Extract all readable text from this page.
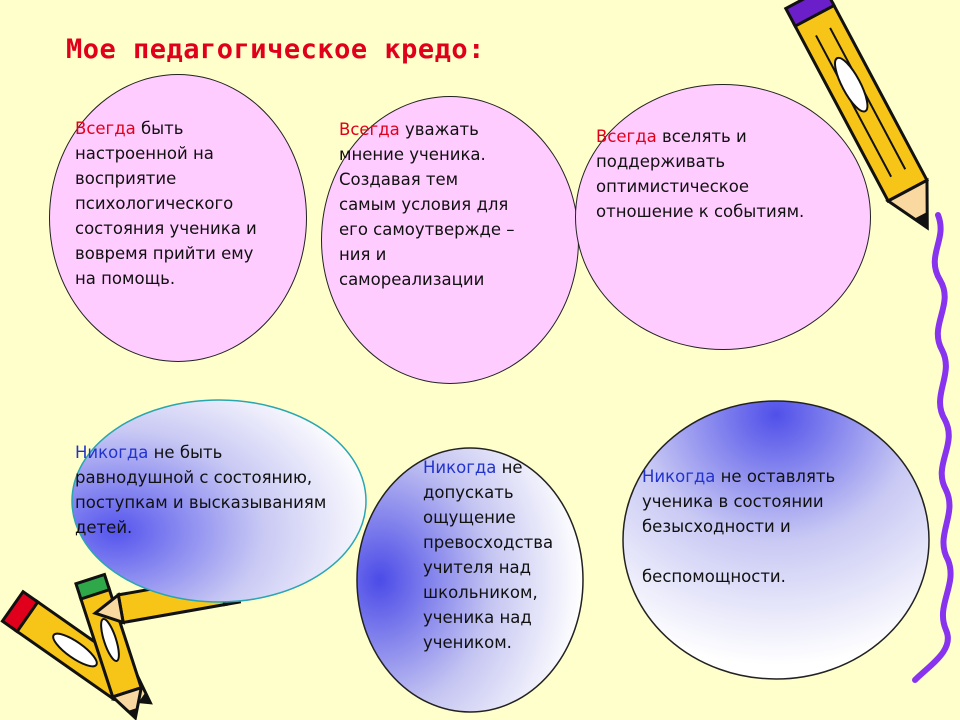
Мое педагогическое кредо:
Всегда быть
настроенной на
восприятие
психологического
состояния ученика и
вовремя прийти ему
на помощь.
Всегда уважать
мнение ученика.
Создавая тем
самым условия для
его самоутвержде –
ния и
самореализации
Всегда вселять и
поддерживать
оптимистическое
отношение к событиям.
Никогда не быть
равнодушной с состоянию,
поступкам и высказываниям
детей.
Никогда не
допускать
ощущение
превосходства
учителя над
школьником,
ученика над
учеником.
Никогда не оставлять
ученика в состоянии
безысходности и

беспомощности.
